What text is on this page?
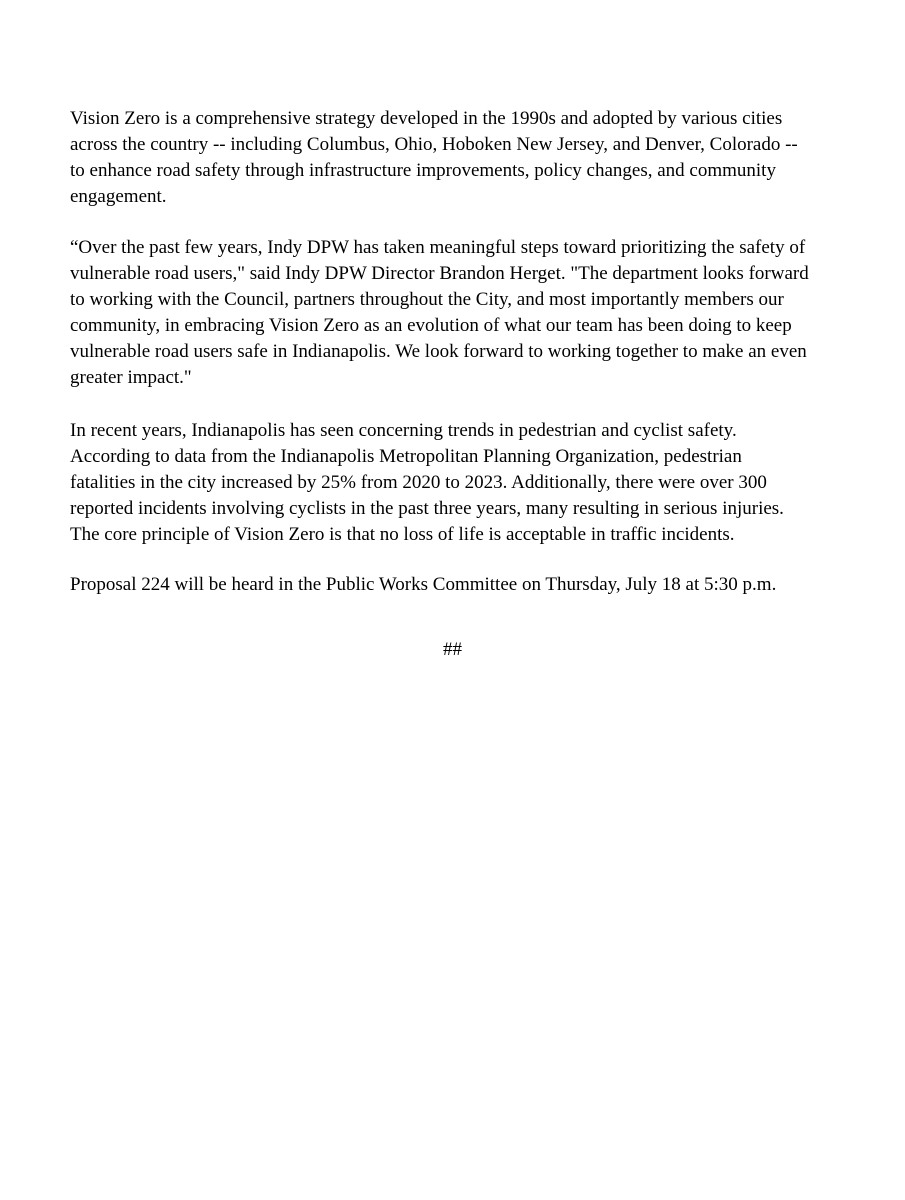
Vision Zero is a comprehensive strategy developed in the 1990s and adopted by various cities
across the country -- including Columbus, Ohio, Hoboken New Jersey, and Denver, Colorado --
to enhance road safety through infrastructure improvements, policy changes, and community
engagement.
“Over the past few years, Indy DPW has taken meaningful steps toward prioritizing the safety of
vulnerable road users," said Indy DPW Director Brandon Herget. "The department looks forward
to working with the Council, partners throughout the City, and most importantly members our
community, in embracing Vision Zero as an evolution of what our team has been doing to keep
vulnerable road users safe in Indianapolis. We look forward to working together to make an even
greater impact."
In recent years, Indianapolis has seen concerning trends in pedestrian and cyclist safety.
According to data from the Indianapolis Metropolitan Planning Organization, pedestrian
fatalities in the city increased by 25% from 2020 to 2023. Additionally, there were over 300
reported incidents involving cyclists in the past three years, many resulting in serious injuries.
The core principle of Vision Zero is that no loss of life is acceptable in traffic incidents.
Proposal 224 will be heard in the Public Works Committee on Thursday, July 18 at 5:30 p.m.
##
